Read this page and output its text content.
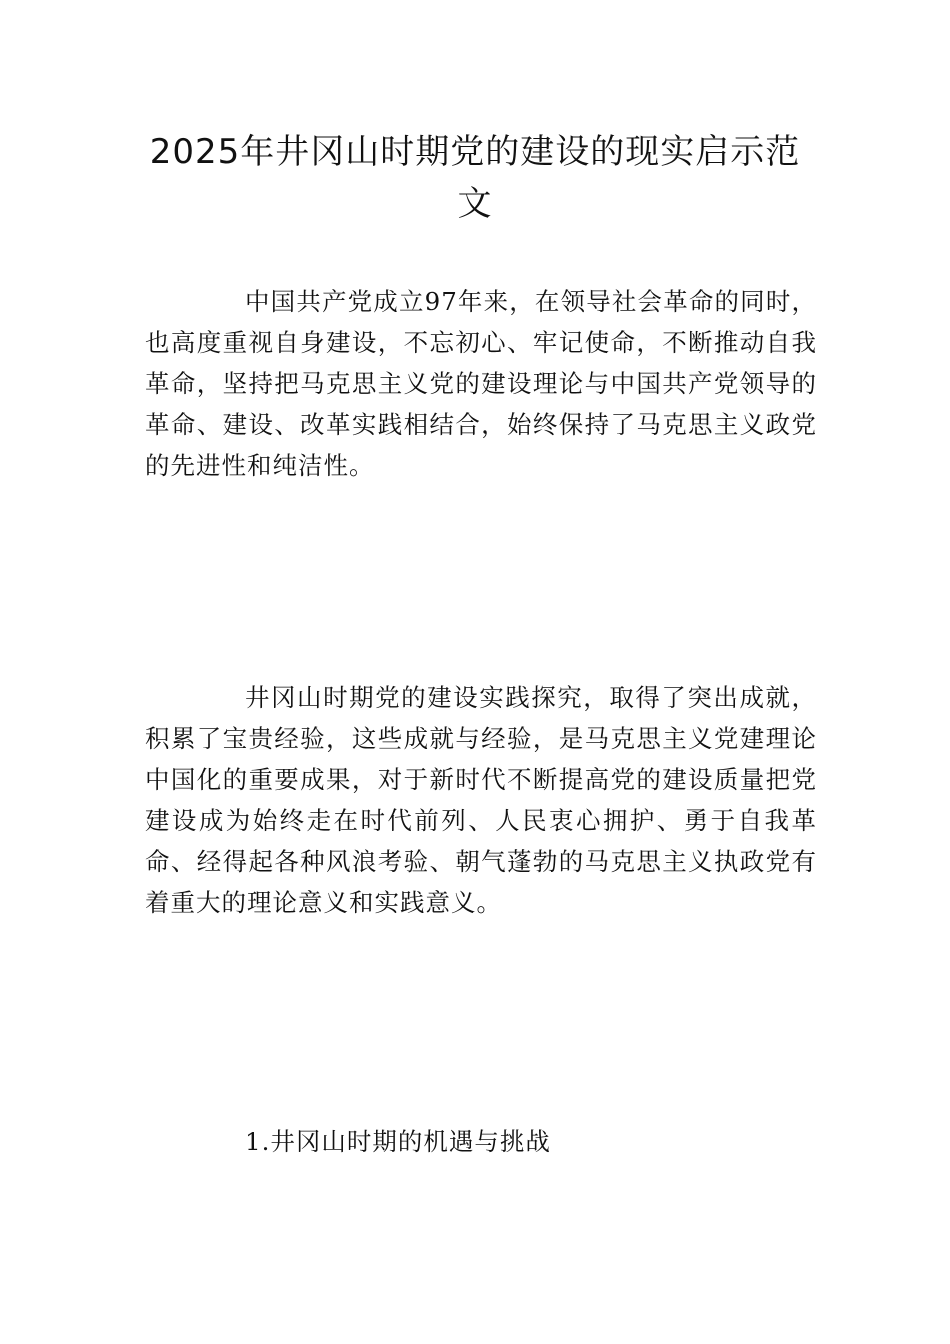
2025年井冈山时期党的建设的现实启示范文

中国共产党成立97年来，在领导社会革命的同时，也高度重视自身建设，不忘初心、牢记使命，不断推动自我革命，坚持把马克思主义党的建设理论与中国共产党领导的革命、建设、改革实践相结合，始终保持了马克思主义政党的先进性和纯洁性。

井冈山时期党的建设实践探究，取得了突出成就，积累了宝贵经验，这些成就与经验，是马克思主义党建理论中国化的重要成果，对于新时代不断提高党的建设质量把党建设成为始终走在时代前列、人民衷心拥护、勇于自我革命、经得起各种风浪考验、朝气蓬勃的马克思主义执政党有着重大的理论意义和实践意义。

1.井冈山时期的机遇与挑战
